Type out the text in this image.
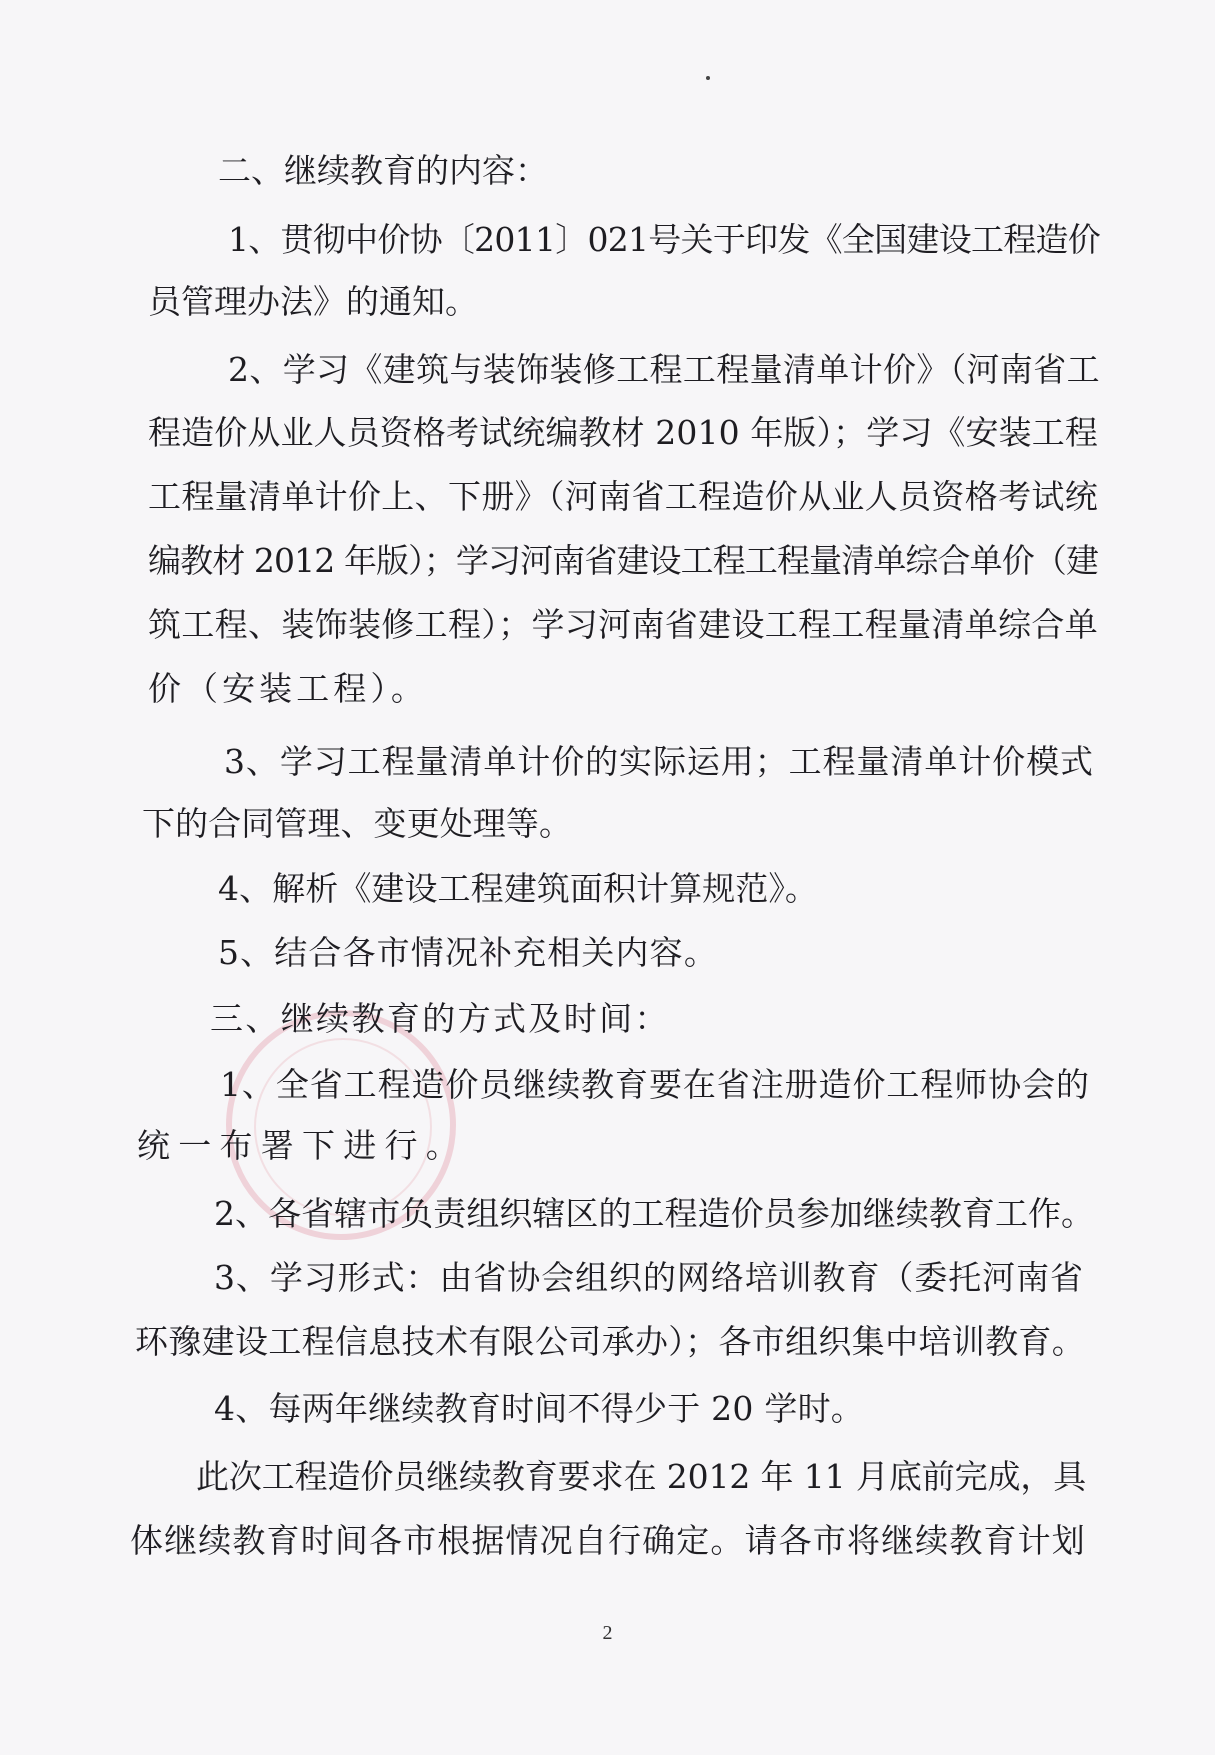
二、继续教育的内容：
1、贯彻中价协〔2011〕021号关于印发《全国建设工程造价
员管理办法》的通知。
2、学习《建筑与装饰装修工程工程量清单计价》（河南省工
程造价从业人员资格考试统编教材 2010 年版）；学习《安装工程
工程量清单计价上、下册》（河南省工程造价从业人员资格考试统
编教材 2012 年版）；学习河南省建设工程工程量清单综合单价（建
筑工程、装饰装修工程）；学习河南省建设工程工程量清单综合单
价（安装工程）。
3、学习工程量清单计价的实际运用；工程量清单计价模式
下的合同管理、变更处理等。
4、解析《建设工程建筑面积计算规范》。
5、结合各市情况补充相关内容。
三、继续教育的方式及时间：
1、全省工程造价员继续教育要在省注册造价工程师协会的
统一布署下进行。
2、各省辖市负责组织辖区的工程造价员参加继续教育工作。
3、学习形式：由省协会组织的网络培训教育（委托河南省
环豫建设工程信息技术有限公司承办）；各市组织集中培训教育。
4、每两年继续教育时间不得少于 20 学时。
此次工程造价员继续教育要求在 2012 年 11 月底前完成，具
体继续教育时间各市根据情况自行确定。请各市将继续教育计划
2
